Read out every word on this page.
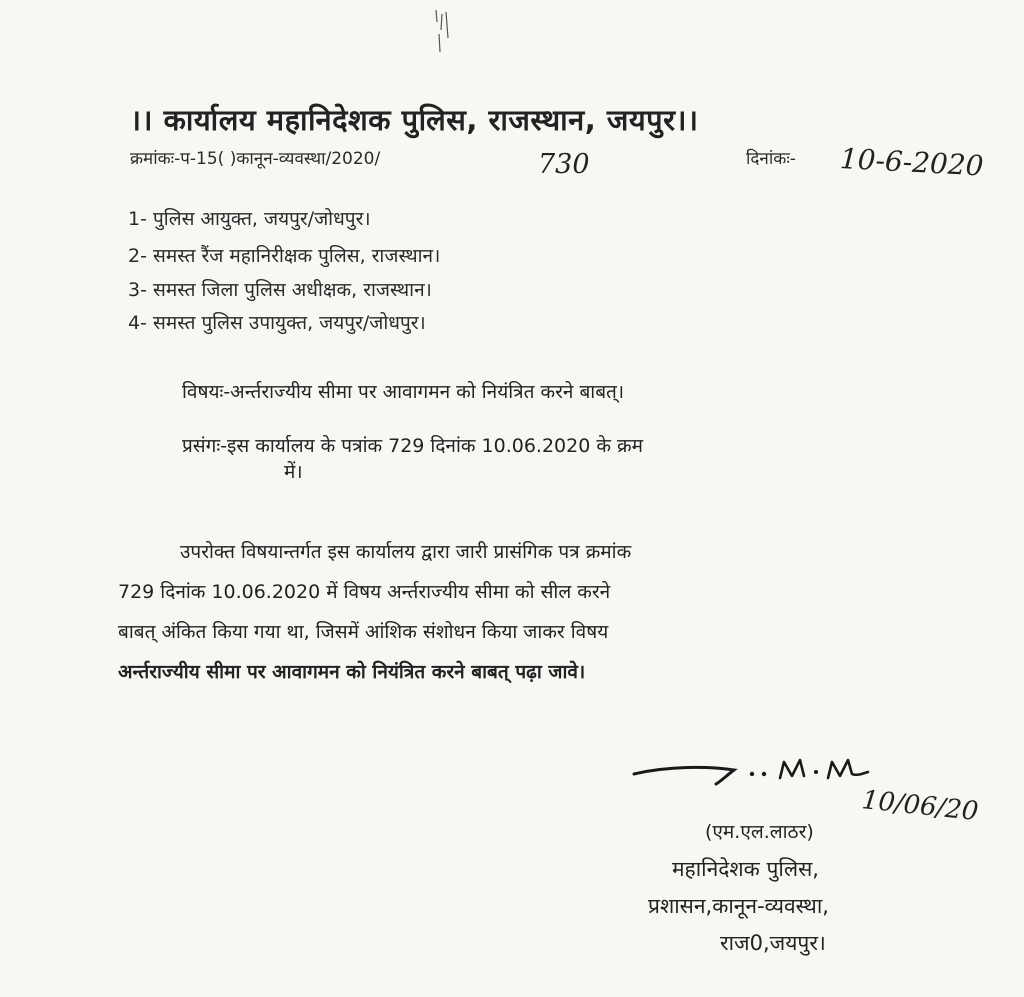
।। कार्यालय महानिदेशक पुलिस, राजस्थान, जयपुर।।
क्रमांकः-प-15( )कानून-व्यवस्था/2020/	730	दिनांकः- 10-6-2020
1- पुलिस आयुक्त, जयपुर/जोधपुर।
2- समस्त रैंज महानिरीक्षक पुलिस, राजस्थान।
3- समस्त जिला पुलिस अधीक्षक, राजस्थान।
4- समस्त पुलिस उपायुक्त, जयपुर/जोधपुर।
विषयः-अर्न्तराज्यीय सीमा पर आवागमन को नियंत्रित करने बाबत्।
प्रसंगः-इस कार्यालय के पत्रांक 729 दिनांक 10.06.2020 के क्रम
में।
उपरोक्त विषयान्तर्गत इस कार्यालय द्वारा जारी प्रासंगिक पत्र क्रमांक
729 दिनांक 10.06.2020 में विषय अर्न्तराज्यीय सीमा को सील करने
बाबत् अंकित किया गया था, जिसमें आंशिक संशोधन किया जाकर विषय
अर्न्तराज्यीय सीमा पर आवागमन को नियंत्रित करने बाबत् पढ़ा जावे।
10/06/20
(एम.एल.लाठर)
महानिदेशक पुलिस,
प्रशासन,कानून-व्यवस्था,
राज0,जयपुर।
